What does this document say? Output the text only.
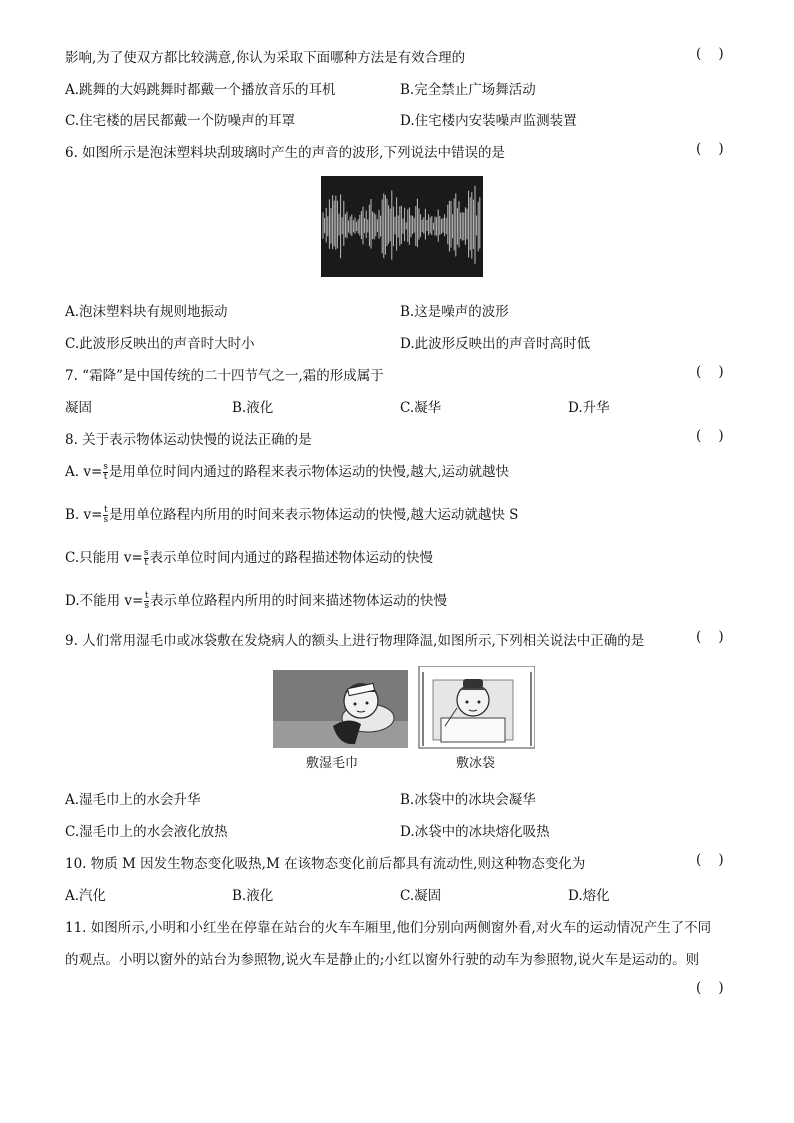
影响,为了使双方都比较满意,你认为采取下面哪种方法是有效合理的	(    )
A.跳舞的大妈跳舞时都戴一个播放音乐的耳机	B.完全禁止广场舞活动
C.住宅楼的居民都戴一个防噪声的耳罩	D.住宅楼内安装噪声监测装置
6. 如图所示是泡沫塑料块刮玻璃时产生的声音的波形,下列说法中错误的是	(    )
A.泡沫塑料块有规则地振动	B.这是噪声的波形
C.此波形反映出的声音时大时小	D.此波形反映出的声音时高时低
7. “霜降”是中国传统的二十四节气之一,霜的形成属于	(    )
凝固	B.液化	C.凝华	D.升华
8. 关于表示物体运动快慢的说法正确的是	(    )
A. $v= \frac{s}{t}$ 是用单位时间内通过的路程来表示物体运动的快慢,越大,运动就越快
B. $v= \frac{t}{s}$ 是用单位路程内所用的时间来表示物体运动的快慢,越大运动就越快 S
C.只能用 $v= \frac{s}{t}$ 表示单位时间内通过的路程描述物体运动的快慢
D.不能用 $v= \frac{t}{s}$ 表示单位路程内所用的时间来描述物体运动的快慢
9. 人们常用湿毛巾或冰袋敷在发烧病人的额头上进行物理降温,如图所示,下列相关说法中正确的是	(    )
敷湿毛巾	敷冰袋
A.湿毛巾上的水会升华	B.冰袋中的冰块会凝华
C.湿毛巾上的水会液化放热	D.冰袋中的冰块熔化吸热
10. 物质 M 因发生物态变化吸热,M 在该物态变化前后都具有流动性,则这种物态变化为	(    )
A.汽化	B.液化	C.凝固	D.熔化
11. 如图所示,小明和小红坐在停靠在站台的火车车厢里,他们分别向两侧窗外看,对火车的运动情况产生了不同
的观点。小明以窗外的站台为参照物,说火车是静止的;小红以窗外行驶的动车为参照物,说火车是运动的。则
(    )
